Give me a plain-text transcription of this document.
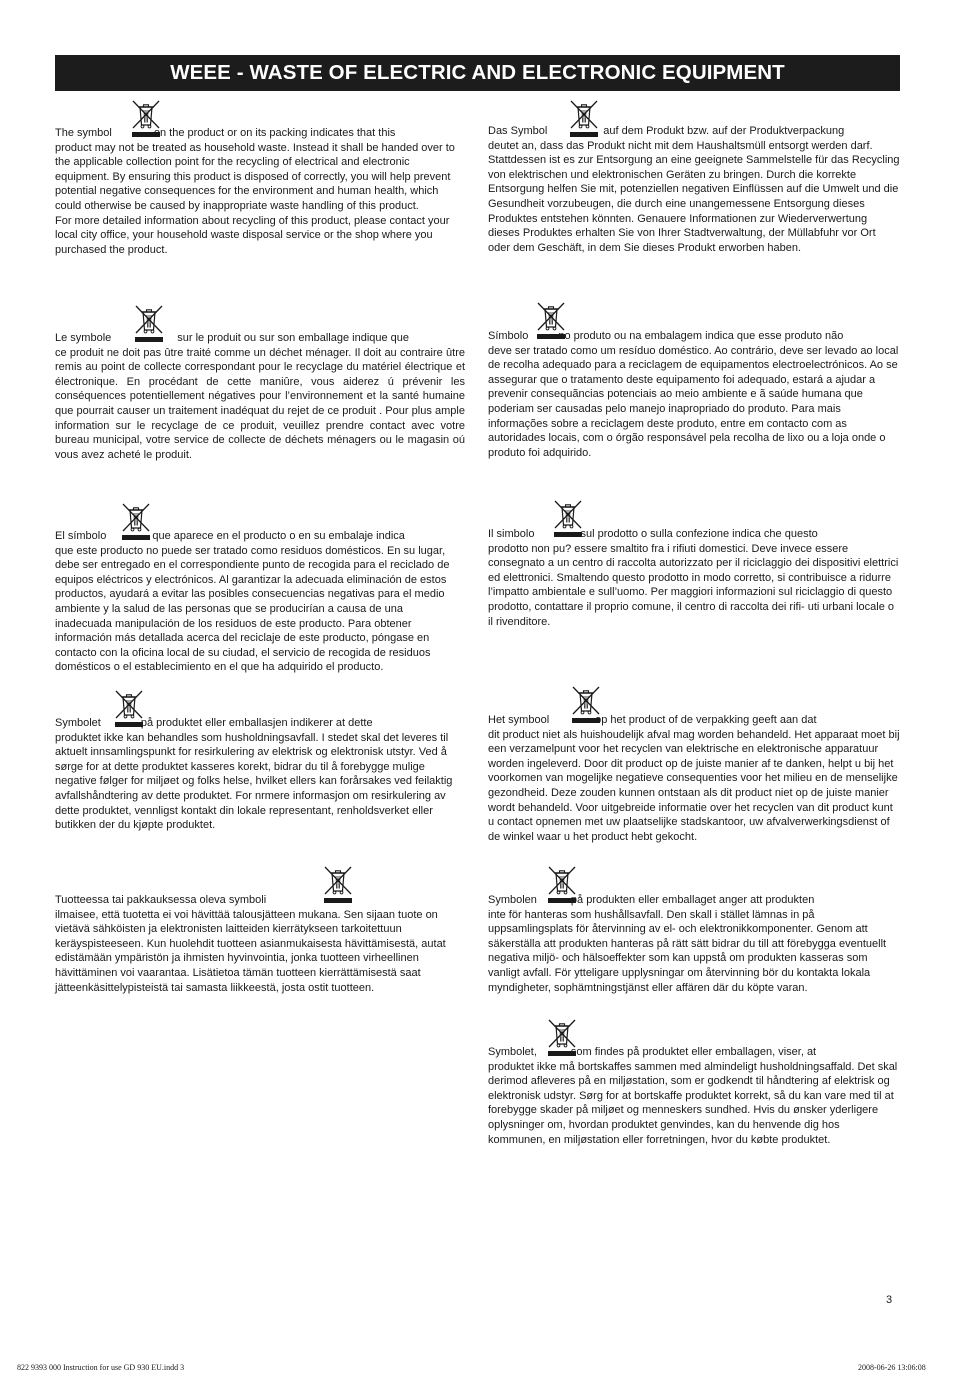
WEEE - WASTE OF ELECTRIC AND ELECTRONIC EQUIPMENT

The symbol	on the product or on its packing indicates that this

product may not be treated as household waste. Instead it shall be handed over to the applicable collection point for the recycling of electrical and electronic equipment. By ensuring this product is disposed of correctly, you will help prevent potential negative consequences for the environment and human health, which could otherwise be caused by inappropriate waste handling of this product.

For more detailed information about recycling of this product, please contact your local city office, your household waste disposal service or the shop where you purchased the product.

Das Symbol	auf dem Produkt bzw. auf der Produktverpackung

deutet an, dass das Produkt nicht mit dem Haushaltsmüll entsorgt werden darf. Stattdessen ist es zur Entsorgung an eine geeignete Sammelstelle für das Recycling von elektrischen und elektronischen Geräten zu bringen. Durch die korrekte Entsorgung helfen Sie mit, potenziellen negativen Einflüssen auf die Umwelt und die Gesundheit vorzubeugen, die durch eine unangemessene Entsorgung dieses Produktes entstehen könnten. Genauere Informationen zur Wiederverwertung dieses Produktes erhalten Sie von Ihrer Stadtverwaltung, der Müllabfuhr vor Ort oder dem Geschäft, in dem Sie dieses Produkt erworben haben.

Le symbole	sur le produit ou sur son emballage indique que

ce produit ne doit pas ûtre traité comme un déchet ménager. Il doit au contraire ûtre remis au point de collecte correspondant pour le recyclage du matériel électrique et électronique. En procédant de cette maniûre, vous aiderez ú prévenir les conséquences potentiellement négatives pour l’environnement et la santé humaine que pourrait causer un traitement inadéquat du rejet de ce produit . Pour plus ample information sur le recyclage de ce produit, veuillez prendre contact avec votre bureau municipal, votre service de collecte de déchets ménagers ou le magasin oú vous avez acheté le produit.

Símbolo	no produto ou na embalagem indica que esse produto não

deve ser tratado como um resíduo doméstico. Ao contrário, deve ser levado ao local de recolha adequado para a reciclagem de equipamentos electroelectrónicos. Ao se assegurar que o tratamento deste equipamento foi adequado, estará a ajudar a prevenir consequãncias potenciais ao meio ambiente e ã saúde humana que poderiam ser causadas pelo manejo inapropriado do produto. Para mais informações sobre a reciclagem deste produto, entre em contacto com as autoridades locais, com o órgão responsável pela recolha de lixo ou a loja onde o produto foi adquirido.

El símbolo	que aparece en el producto o en su embalaje indica

que este producto no puede ser tratado como residuos domésticos. En su lugar, debe ser entregado en el correspondiente punto de recogida para el reciclado de equipos eléctricos y electrónicos. Al garantizar la adecuada eliminación de estos productos, ayudará a evitar las posibles consecuencias negativas para el medio ambiente y la salud de las personas que se producirían a causa de una inadecuada manipulación de los residuos de este producto. Para obtener información más detallada acerca del reciclaje de este producto, póngase en contacto con la oficina local de su ciudad, el servicio de recogida de residuos domésticos o el establecimiento en el que ha adquirido el producto.

Il simbolo	sul prodotto o sulla confezione indica che questo

prodotto non pu? essere smaltito fra i rifiuti domestici. Deve invece essere consegnato a un centro di raccolta autorizzato per il riciclaggio dei dispositivi elettrici ed elettronici. Smaltendo questo prodotto in modo corretto, si contribuisce a ridurre l’impatto ambientale e sull’uomo. Per maggiori informazioni sul riciclaggio di questo prodotto, contattare il proprio comune, il centro di raccolta dei rifi- uti urbani locale o il rivenditore.

Symbolet	på produktet eller emballasjen indikerer at dette

produktet ikke kan behandles som husholdningsavfall. I stedet skal det leveres til aktuelt innsamlingspunkt for resirkulering av elektrisk og elektronisk utstyr. Ved å sørge for at dette produktet kasseres korekt, bidrar du til å forebygge mulige negative følger for miljøet og folks helse, hvilket ellers kan forårsakes ved feilaktig avfallshåndtering av dette produktet. For nrmere informasjon om resirkulering av dette produktet, vennligst kontakt din lokale representant, renholdsverket eller butikken der du kjøpte produktet.

Het symbool	op het product of de verpakking geeft aan dat

dit product niet als huishoudelijk afval mag worden behandeld. Het apparaat moet bij een verzamelpunt voor het recyclen van elektrische en elektronische apparatuur worden ingeleverd. Door dit product op de juiste manier af te danken, helpt u bij het voorkomen van mogelijke negatieve consequenties voor het milieu en de menselijke gezondheid. Deze zouden kunnen ontstaan als dit product niet op de juiste manier wordt behandeld. Voor uitgebreide informatie over het recyclen van dit product kunt u contact opnemen met uw plaatselijke stadskantoor, uw afvalverwerkingsdienst of de winkel waar u het product hebt gekocht.

Tuotteessa tai pakkauksessa oleva symboli

ilmaisee, että tuotetta ei voi hävittää talousjätteen mukana. Sen sijaan tuote on vietävä sähköisten ja elektronisten laitteiden kierrätykseen tarkoitettuun keräyspisteeseen. Kun huolehdit tuotteen asianmukaisesta hävittämisestä, autat edistämään ympäristön ja ihmisten hyvinvointia, jonka tuotteen virheellinen hävittäminen voi vaarantaa. Lisätietoa tämän tuotteen kierrättämisestä saat jätteenkäsittelypisteistä tai samasta liikkeestä, josta ostit tuotteen.

Symbolen	på produkten eller emballaget anger att produkten

inte för hanteras som hushållsavfall. Den skall i stället lämnas in på uppsamlingsplats för återvinning av el- och elektronikkomponenter. Genom att säkerställa att produkten hanteras på rätt sätt bidrar du till att förebygga eventuellt negativa miljö- och hälsoeffekter som kan uppstå om produkten kasseras som vanligt avfall. För ytteligare upplysningar om återvinning bör du kontakta lokala myndigheter, sophämtningstjänst eller affären där du köpte varan.

Symbolet,	som findes på produktet eller emballagen, viser, at

produktet ikke må bortskaffes sammen med almindeligt husholdningsaffald. Det skal derimod afleveres på en miljøstation, som er godkendt til håndtering af elektrisk og elektronisk udstyr. Sørg for at bortskaffe produktet korrekt, så du kan vare med til at forebygge skader på miljøet og menneskers sundhed. Hvis du ønsker yderligere oplysninger om, hvordan produktet genvindes, kan du henvende dig hos kommunen, en miljøstation eller forretningen, hvor du købte produktet.

3
822 9393 000 Instruction for use GD 930 EU.indd 3	2008-06-26 13:06:08
